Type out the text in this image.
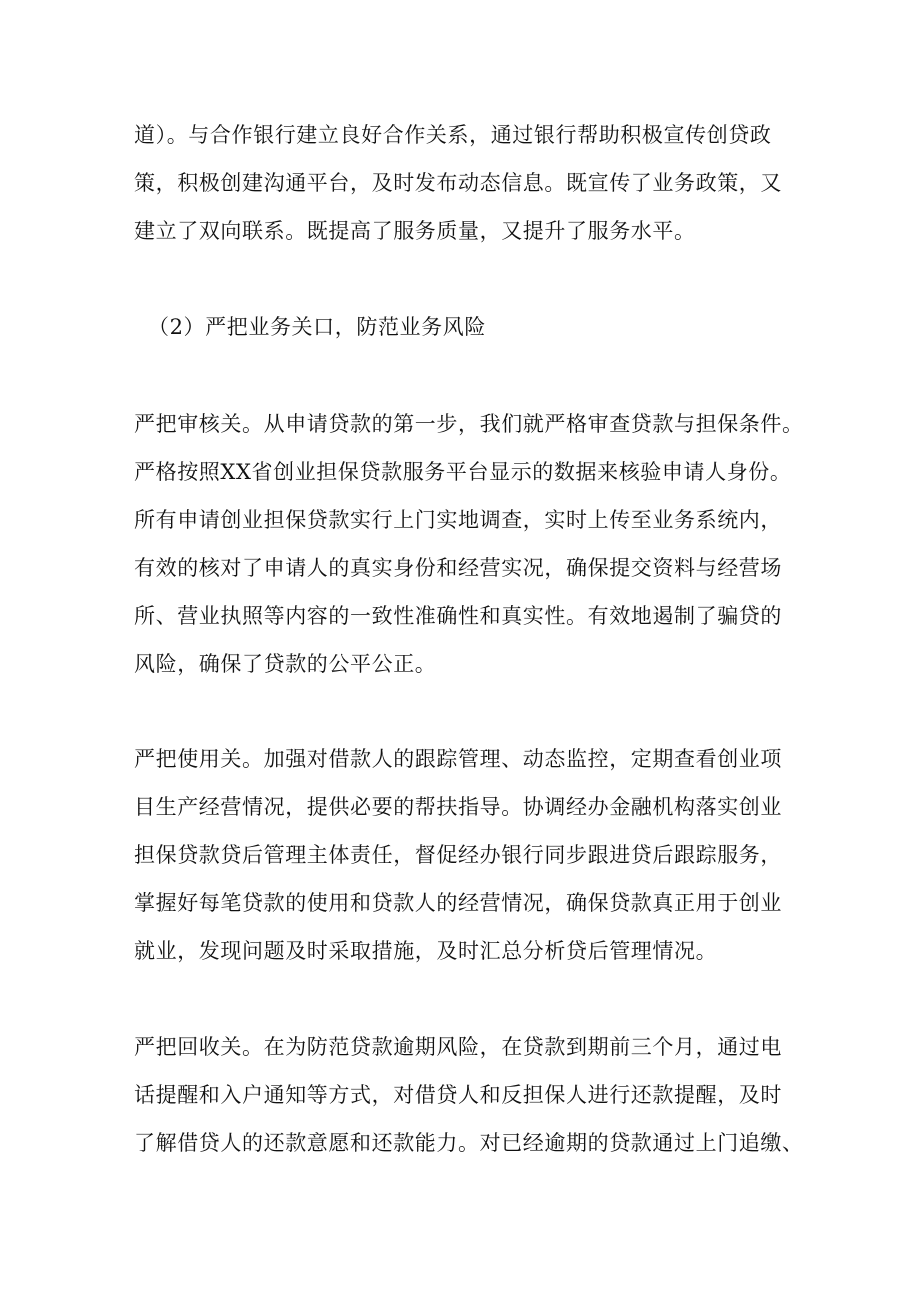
道）。与合作银行建立良好合作关系，通过银行帮助积极宣传创贷政
策，积极创建沟通平台，及时发布动态信息。既宣传了业务政策，又
建立了双向联系。既提高了服务质量，又提升了服务水平。
（2）严把业务关口，防范业务风险
严把审核关。从申请贷款的第一步，我们就严格审查贷款与担保条件。
严格按照XX省创业担保贷款服务平台显示的数据来核验申请人身份。
所有申请创业担保贷款实行上门实地调查，实时上传至业务系统内，
有效的核对了申请人的真实身份和经营实况，确保提交资料与经营场
所、营业执照等内容的一致性准确性和真实性。有效地遏制了骗贷的
风险，确保了贷款的公平公正。
严把使用关。加强对借款人的跟踪管理、动态监控，定期查看创业项
目生产经营情况，提供必要的帮扶指导。协调经办金融机构落实创业
担保贷款贷后管理主体责任，督促经办银行同步跟进贷后跟踪服务，
掌握好每笔贷款的使用和贷款人的经营情况，确保贷款真正用于创业
就业，发现问题及时采取措施，及时汇总分析贷后管理情况。
严把回收关。在为防范贷款逾期风险，在贷款到期前三个月，通过电
话提醒和入户通知等方式，对借贷人和反担保人进行还款提醒，及时
了解借贷人的还款意愿和还款能力。对已经逾期的贷款通过上门追缴、
